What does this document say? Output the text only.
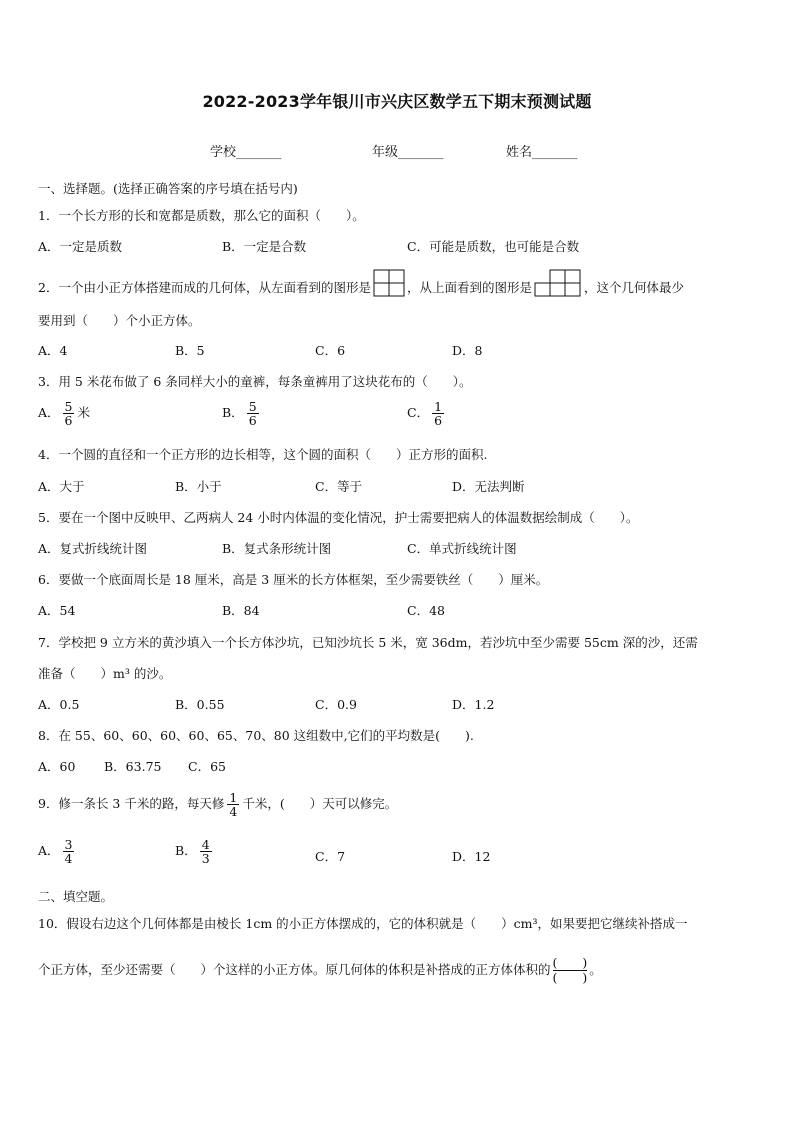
2022-2023学年银川市兴庆区数学五下期末预测试题
学校_______	年级_______	姓名_______
一、选择题。(选择正确答案的序号填在括号内)
1．一个长方形的长和宽都是质数，那么它的面积（　　）。
A．一定是质数	B．一定是合数	C．可能是质数，也可能是合数
2．一个由小正方体搭建而成的几何体，从左面看到的图形是	，从上面看到的图形是	，这个几何体最少
要用到（　　）个小正方体。
A．4	B．5	C．6	D．8
3．用 5 米花布做了 6 条同样大小的童裤，每条童裤用了这块花布的（　　）。
A． $\frac{5}{6}$ 米	B． $\frac{5}{6}$	C． $\frac{1}{6}$
4．一个圆的直径和一个正方形的边长相等，这个圆的面积（　　）正方形的面积.
A．大于	B．小于	C．等于	D．无法判断
5．要在一个图中反映甲、乙两病人 24 小时内体温的变化情况，护士需要把病人的体温数据绘制成（　　）。
A．复式折线统计图	B．复式条形统计图	C．单式折线统计图
6．要做一个底面周长是 18 厘米，高是 3 厘米的长方体框架，至少需要铁丝（　　）厘米。
A．54	B．84	C．48
7．学校把 9 立方米的黄沙填入一个长方体沙坑，已知沙坑长 5 米，宽 36dm，若沙坑中至少需要 55cm 深的沙，还需
准备（　　）m³ 的沙。
A．0.5	B．0.55	C．0.9	D．1.2
8．在 55、60、60、60、60、65、70、80 这组数中,它们的平均数是(　　).
A．60 B．63.75 C．65
9．修一条长 3 千米的路，每天修 $\frac{1}{4}$ 千米，(　　）天可以修完。
A． $\frac{3}{4}$	B． $\frac{4}{3}$	C．7	D．12
二、填空题。
10．假设右边这个几何体都是由棱长 1cm 的小正方体摆成的，它的体积就是（　　）cm³，如果要把它继续补搭成一
个正方体，至少还需要（　　）个这样的小正方体。原几何体的体积是补搭成的正方体体积的 $\frac{( )}{( )}$ 。
